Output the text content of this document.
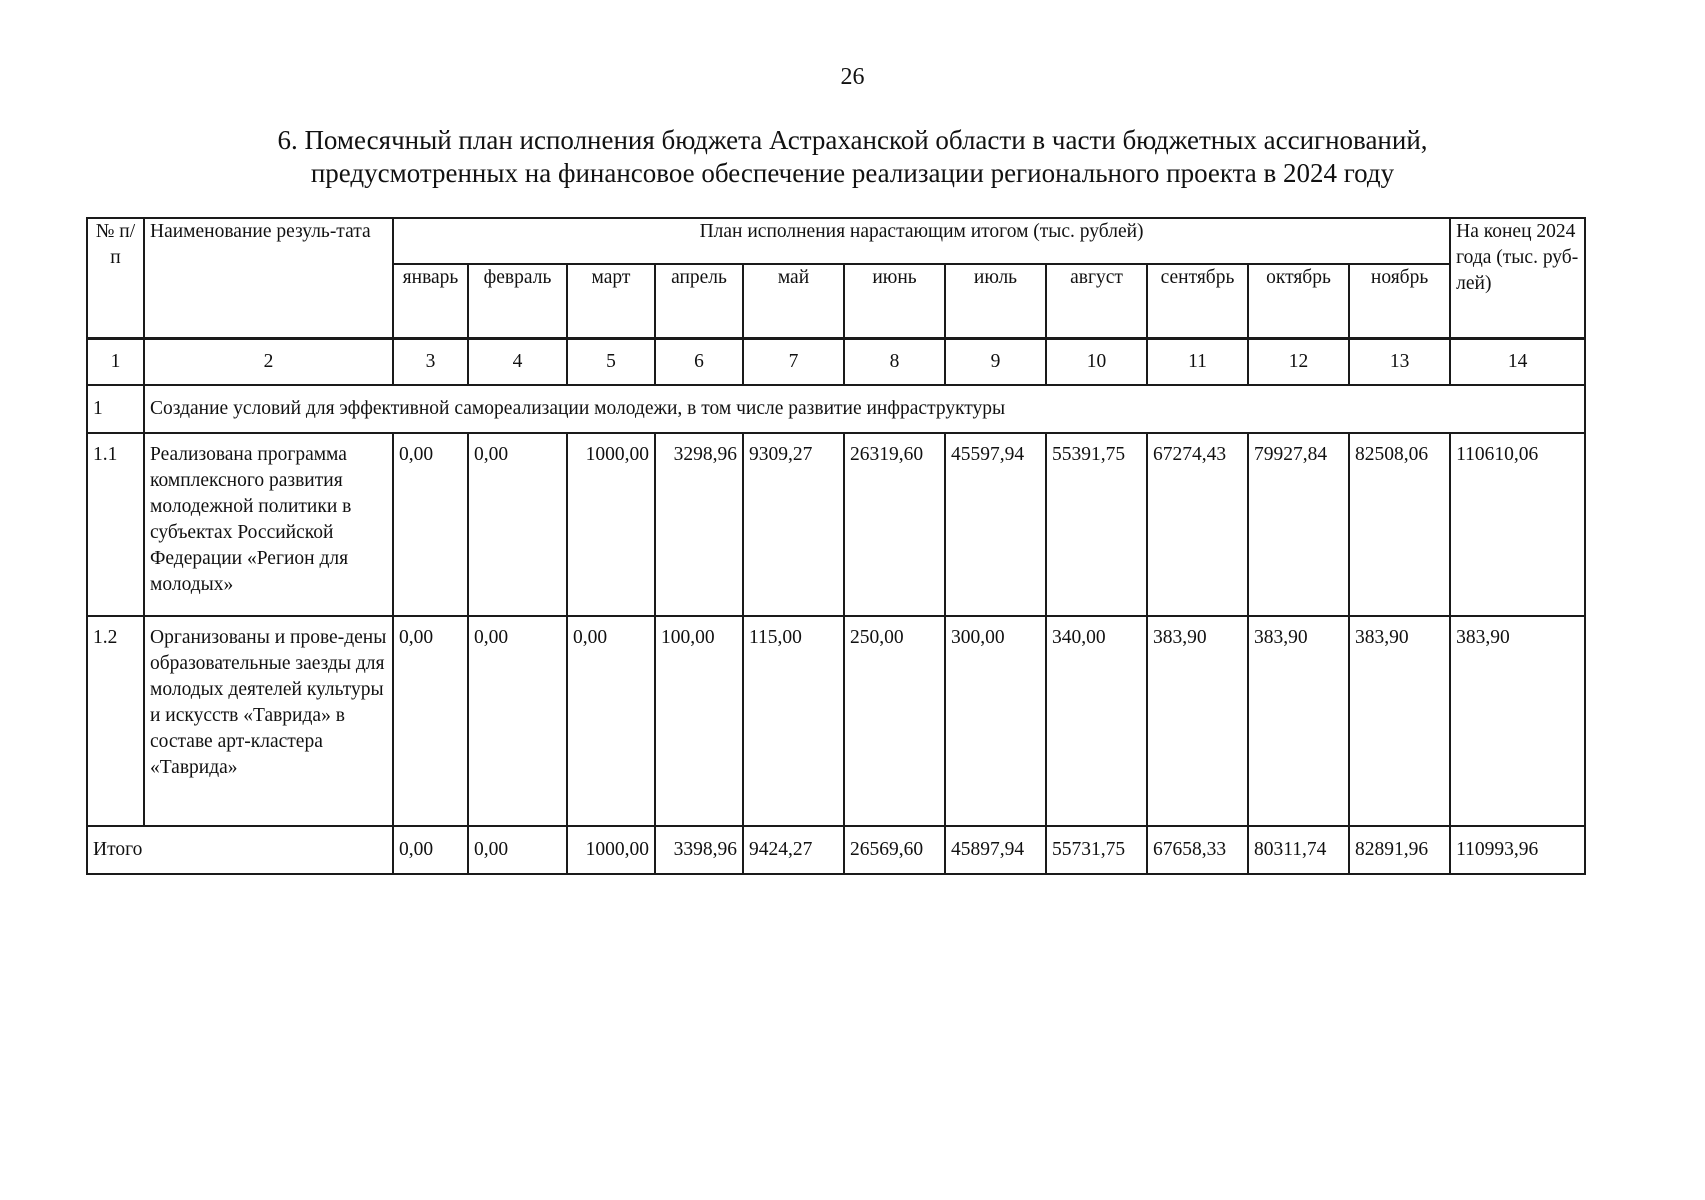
26
6. Помесячный план исполнения бюджета Астраханской области в части бюджетных ассигнований,
предусмотренных на финансовое обеспечение реализации регионального проекта в 2024 году
№ п/п	Наименование резуль-тата	План исполнения нарастающим итогом (тыс. рублей)											На конец 2024 года (тыс. руб-лей)
		январь	февраль	март	апрель	май	июнь	июль	август	сентябрь	октябрь	ноябрь	
1	2	3	4	5	6	7	8	9	10	11	12	13	14
1	Создание условий для эффективной самореализации молодежи, в том числе развитие инфраструктуры												
1.1	Реализована программа комплексного развития молодежной политики в субъектах Российской Федерации «Регион для молодых»	0,00	0,00	1000,00	3298,96	9309,27	26319,60	45597,94	55391,75	67274,43	79927,84	82508,06	110610,06
1.2	Организованы и прове-дены образовательные заезды для молодых деятелей культуры и искусств «Таврида» в составе арт-кластера «Таврида»	0,00	0,00	0,00	100,00	115,00	250,00	300,00	340,00	383,90	383,90	383,90	383,90
Итого		0,00	0,00	1000,00	3398,96	9424,27	26569,60	45897,94	55731,75	67658,33	80311,74	82891,96	110993,96
